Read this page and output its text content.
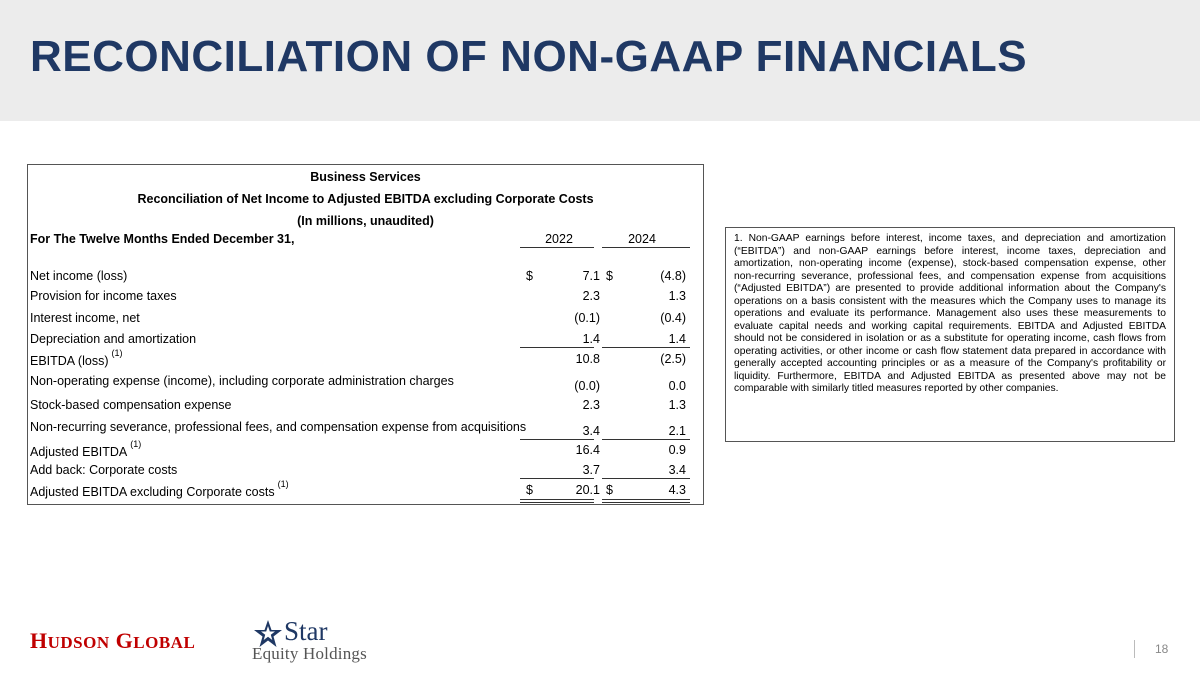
RECONCILIATION OF NON-GAAP FINANCIALS
Business Services
Reconciliation of Net Income to Adjusted EBITDA excluding Corporate Costs
(In millions, unaudited)
For The Twelve Months Ended December 31,	2022	2024
Net income (loss)	$	7.1 $	(4.8)
Provision for income taxes	2.3	1.3
Interest income, net	(0.1)	(0.4)
Depreciation and amortization	1.4	1.4
EBITDA (loss)$^{(1)}$	10.8	(2.5)
Non-operating expense (income), including corporate administration charges	(0.0)	0.0
Stock-based compensation expense	2.3	1.3
Non-recurring severance, professional fees, and compensation expense from acquisitions	3.4	2.1
Adjusted EBITDA$^{(1)}$	16.4	0.9
Add back: Corporate costs	3.7	3.4
Adjusted EBITDA excluding Corporate costs$^{(1)}$	$	20.1 $	4.3
1. Non-GAAP earnings before interest, income taxes, and depreciation and amortization (“EBITDA”) and non-GAAP earnings before interest, income taxes, depreciation and amortization, non-operating income (expense), stock-based compensation expense, other non-recurring severance, professional fees, and compensation expense from acquisitions (“Adjusted EBITDA”) are presented to provide additional information about the Company's operations on a basis consistent with the measures which the Company uses to manage its operations and evaluate its performance. Management also uses these measurements to evaluate capital needs and working capital requirements. EBITDA and Adjusted EBITDA should not be considered in isolation or as a substitute for operating income, cash flows from operating activities, or other income or cash flow statement data prepared in accordance with generally accepted accounting principles or as a measure of the Company's profitability or liquidity. Furthermore, EBITDA and Adjusted EBITDA as presented above may not be comparable with similarly titled measures reported by other companies.
HUDSON GLOBAL	Star
Equity Holdings	18
